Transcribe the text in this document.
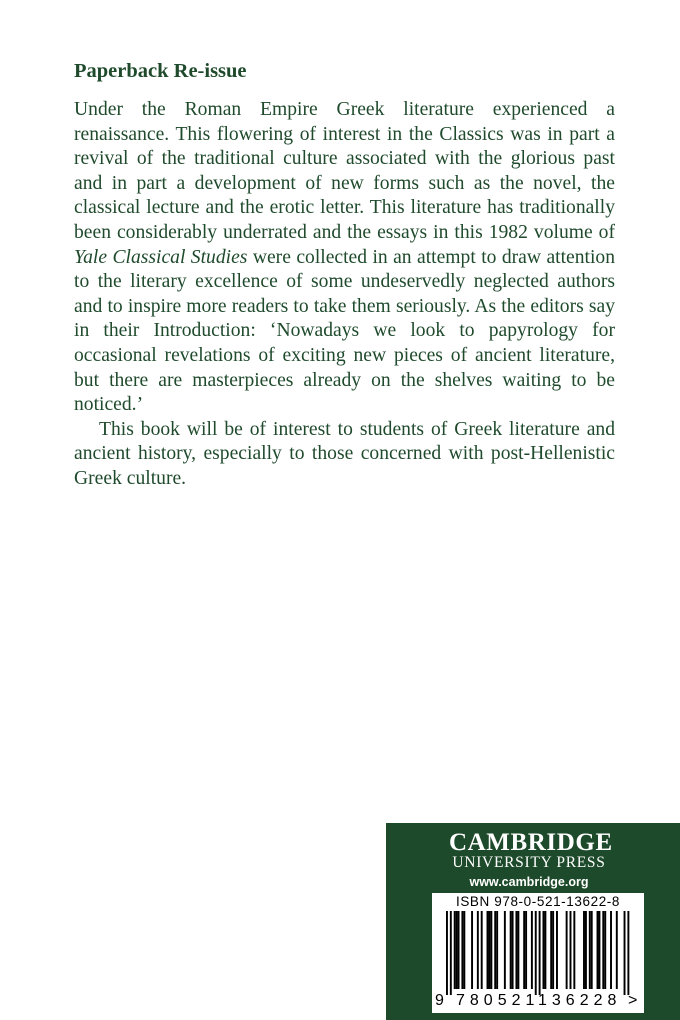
Paperback Re-issue

Under the Roman Empire Greek literature experienced a renaissance. This flowering of interest in the Classics was in part a revival of the traditional culture associated with the glorious past and in part a development of new forms such as the novel, the classical lecture and the erotic letter. This literature has traditionally been considerably underrated and the essays in this 1982 volume of Yale Classical Studies were collected in an attempt to draw attention to the literary excellence of some undeservedly neglected authors and to inspire more readers to take them seriously. As the editors say in their Introduction: ‘Nowadays we look to papyrology for occasional revelations of exciting new pieces of ancient literature, but there are masterpieces already on the shelves waiting to be noticed.’

This book will be of interest to students of Greek literature and ancient history, especially to those concerned with post-Hellenistic Greek culture.

CAMBRIDGE
UNIVERSITY PRESS
www.cambridge.org
ISBN 978-0-521-13622-8
9 780521
136228 >
